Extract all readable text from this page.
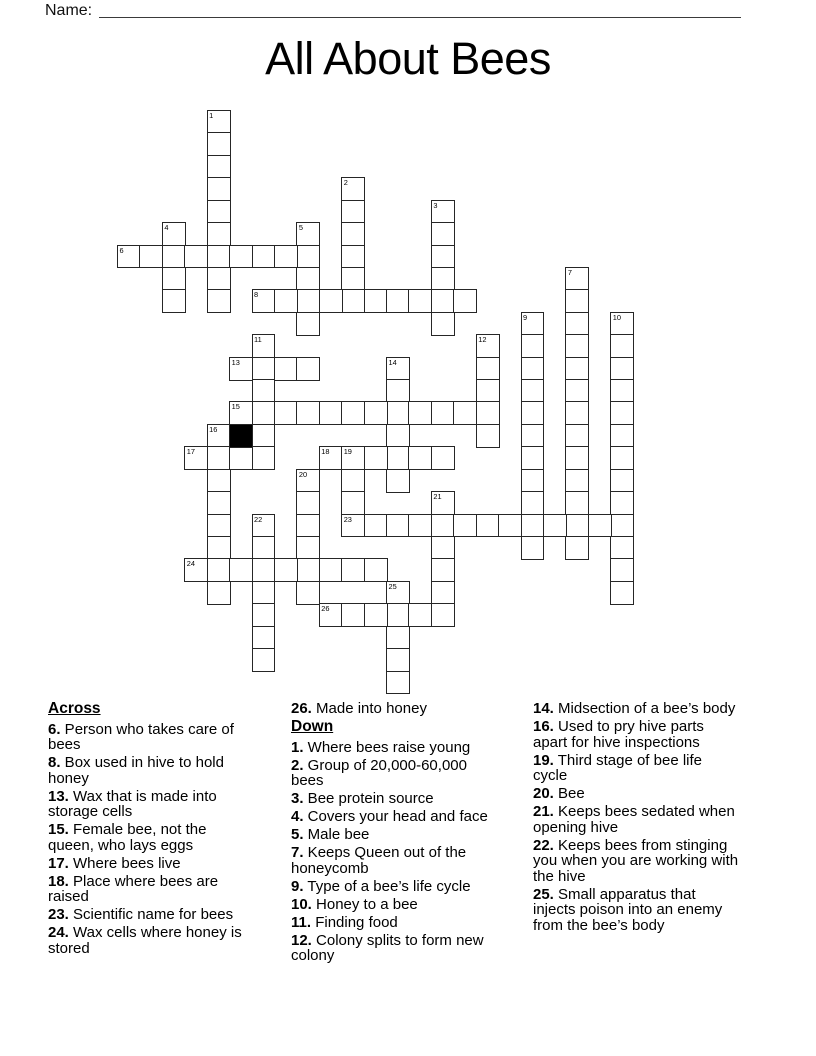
Name:
All About Bees
1
2
3
4	5
6
7
8
9	10
11	12
13	14
15
16
17	18 19
23
20
21
22
24
25
26
Across
6. Person who takes care of bees
8. Box used in hive to hold honey
13. Wax that is made into storage cells
15. Female bee, not the queen, who lays eggs
17. Where bees live
18. Place where bees are raised
23. Scientific name for bees
24. Wax cells where honey is stored
26. Made into honey
Down
1. Where bees raise young
2. Group of 20,000-60,000 bees
3. Bee protein source
4. Covers your head and face
5. Male bee
7. Keeps Queen out of the honeycomb
9. Type of a bee’s life cycle
10. Honey to a bee
11. Finding food
12. Colony splits to form new colony
14. Midsection of a bee’s body
16. Used to pry hive parts apart for hive inspections
19. Third stage of bee life cycle
20. Bee
21. Keeps bees sedated when opening hive
22. Keeps bees from stinging you when you are working with the hive
25. Small apparatus that injects poison into an enemy from the bee’s body
